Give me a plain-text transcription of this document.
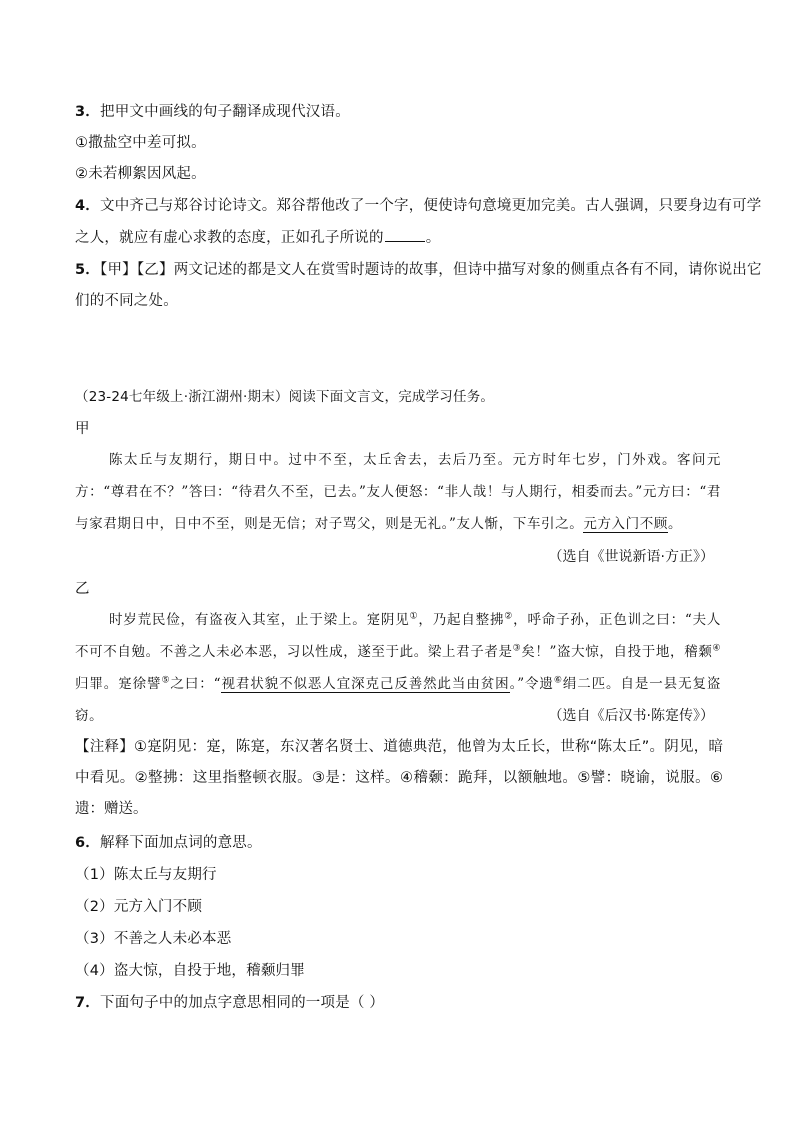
3．把甲文中画线的句子翻译成现代汉语。
①撒盐空中差可拟。
②未若柳絮因风起。
4．文中齐己与郑谷讨论诗文。郑谷帮他改了一个字，便使诗句意境更加完美。古人强调，只要身边有可学
之人，就应有虚心求教的态度，正如孔子所说的	。
5．【甲】【乙】两文记述的都是文人在赏雪时题诗的故事，但诗中描写对象的侧重点各有不同，请你说出它
们的不同之处。
（23-24七年级上·浙江湖州·期末）阅读下面文言文，完成学习任务。
甲
陈太丘与友期行，期日中。过中不至，太丘舍去，去后乃至。元方时年七岁，门外戏。客问元方：“尊君在不？”答曰：“待君久不至，已去。”友人便怒：“非人哉！与人期行，相委而去。”元方曰：“君与家君期日中，日中不至，则是无信；对子骂父，则是无礼。”友人惭，下车引之。元方入门不顾。
（选自《世说新语·方正》）
乙
时岁荒民俭，有盗夜入其室，止于梁上。寔阴见①，乃起自整拂②，呼命子孙，正色训之曰：“夫人不可不自勉。不善之人未必本恶，习以性成，遂至于此。梁上君子者是③矣！”盗大惊，自投于地，稽颡④归罪。寔徐譬⑤之曰：“视君状貌不似恶人宜深克己反善然此当由贫困。”令遗⑥绢二匹。自是一县无复盗窃。	（选自《后汉书·陈寔传》）
【注释】①寔阴见：寔，陈寔，东汉著名贤士、道德典范，他曾为太丘长，世称“陈太丘”。阴见，暗中看见。②整拂：这里指整顿衣服。③是：这样。④稽颡：跪拜，以额触地。⑤譬：晓谕，说服。⑥遗：赠送。
6．解释下面加点词的意思。
（1）陈太丘与友期行
（2）元方入门不顾
（3）不善之人未必本恶
（4）盗大惊，自投于地，稽颡归罪
7．下面句子中的加点字意思相同的一项是（ ）
